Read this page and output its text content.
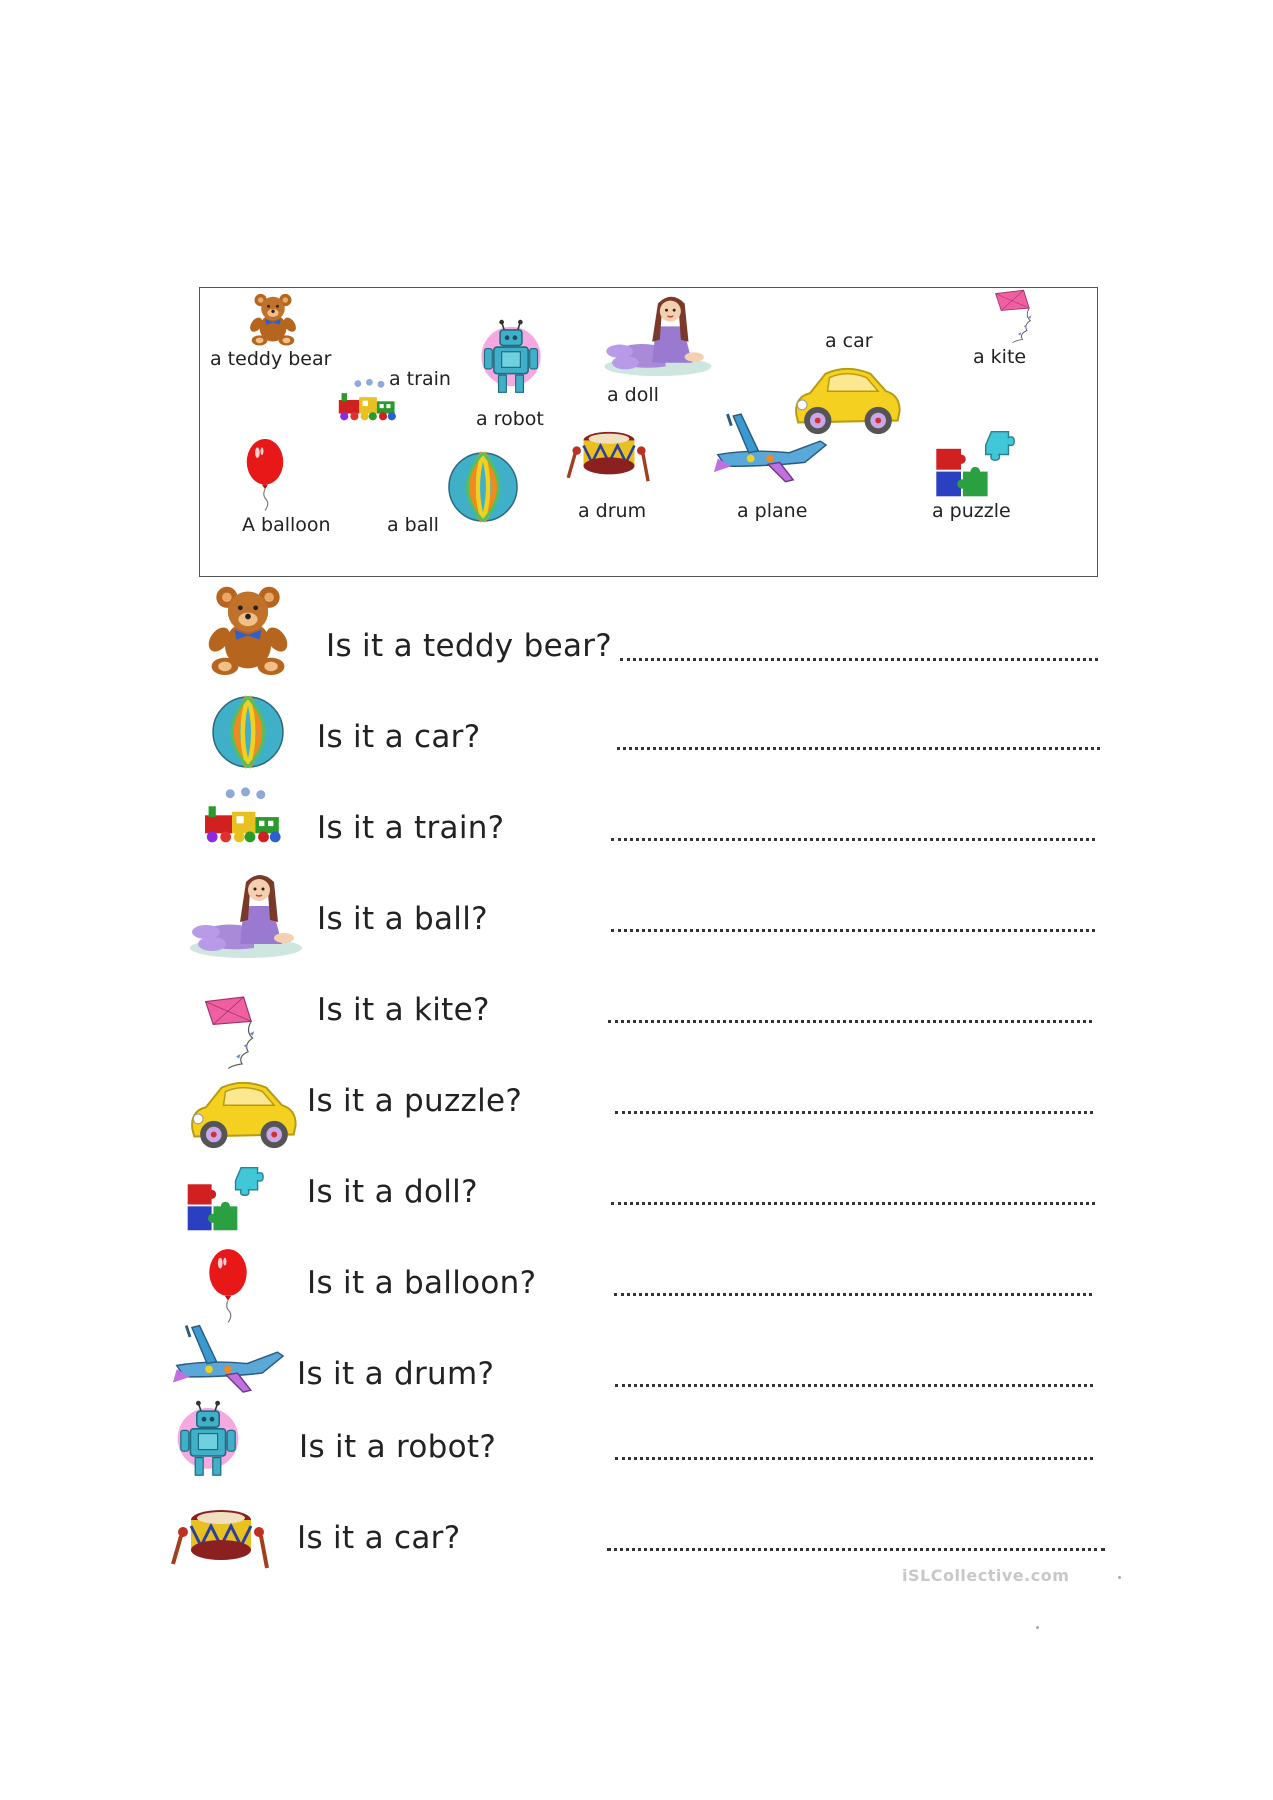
a teddy bear
a train
a robot
a doll
a car
a kite
A balloon	a ball
a drum	a plane	a puzzle
Is it a teddy bear?
Is it a car?
Is it a train?
Is it a ball?
Is it a kite?
Is it a puzzle?
Is it a doll?
Is it a balloon?
Is it a drum?
Is it a robot?
Is it a car?
iSLCollective.com
